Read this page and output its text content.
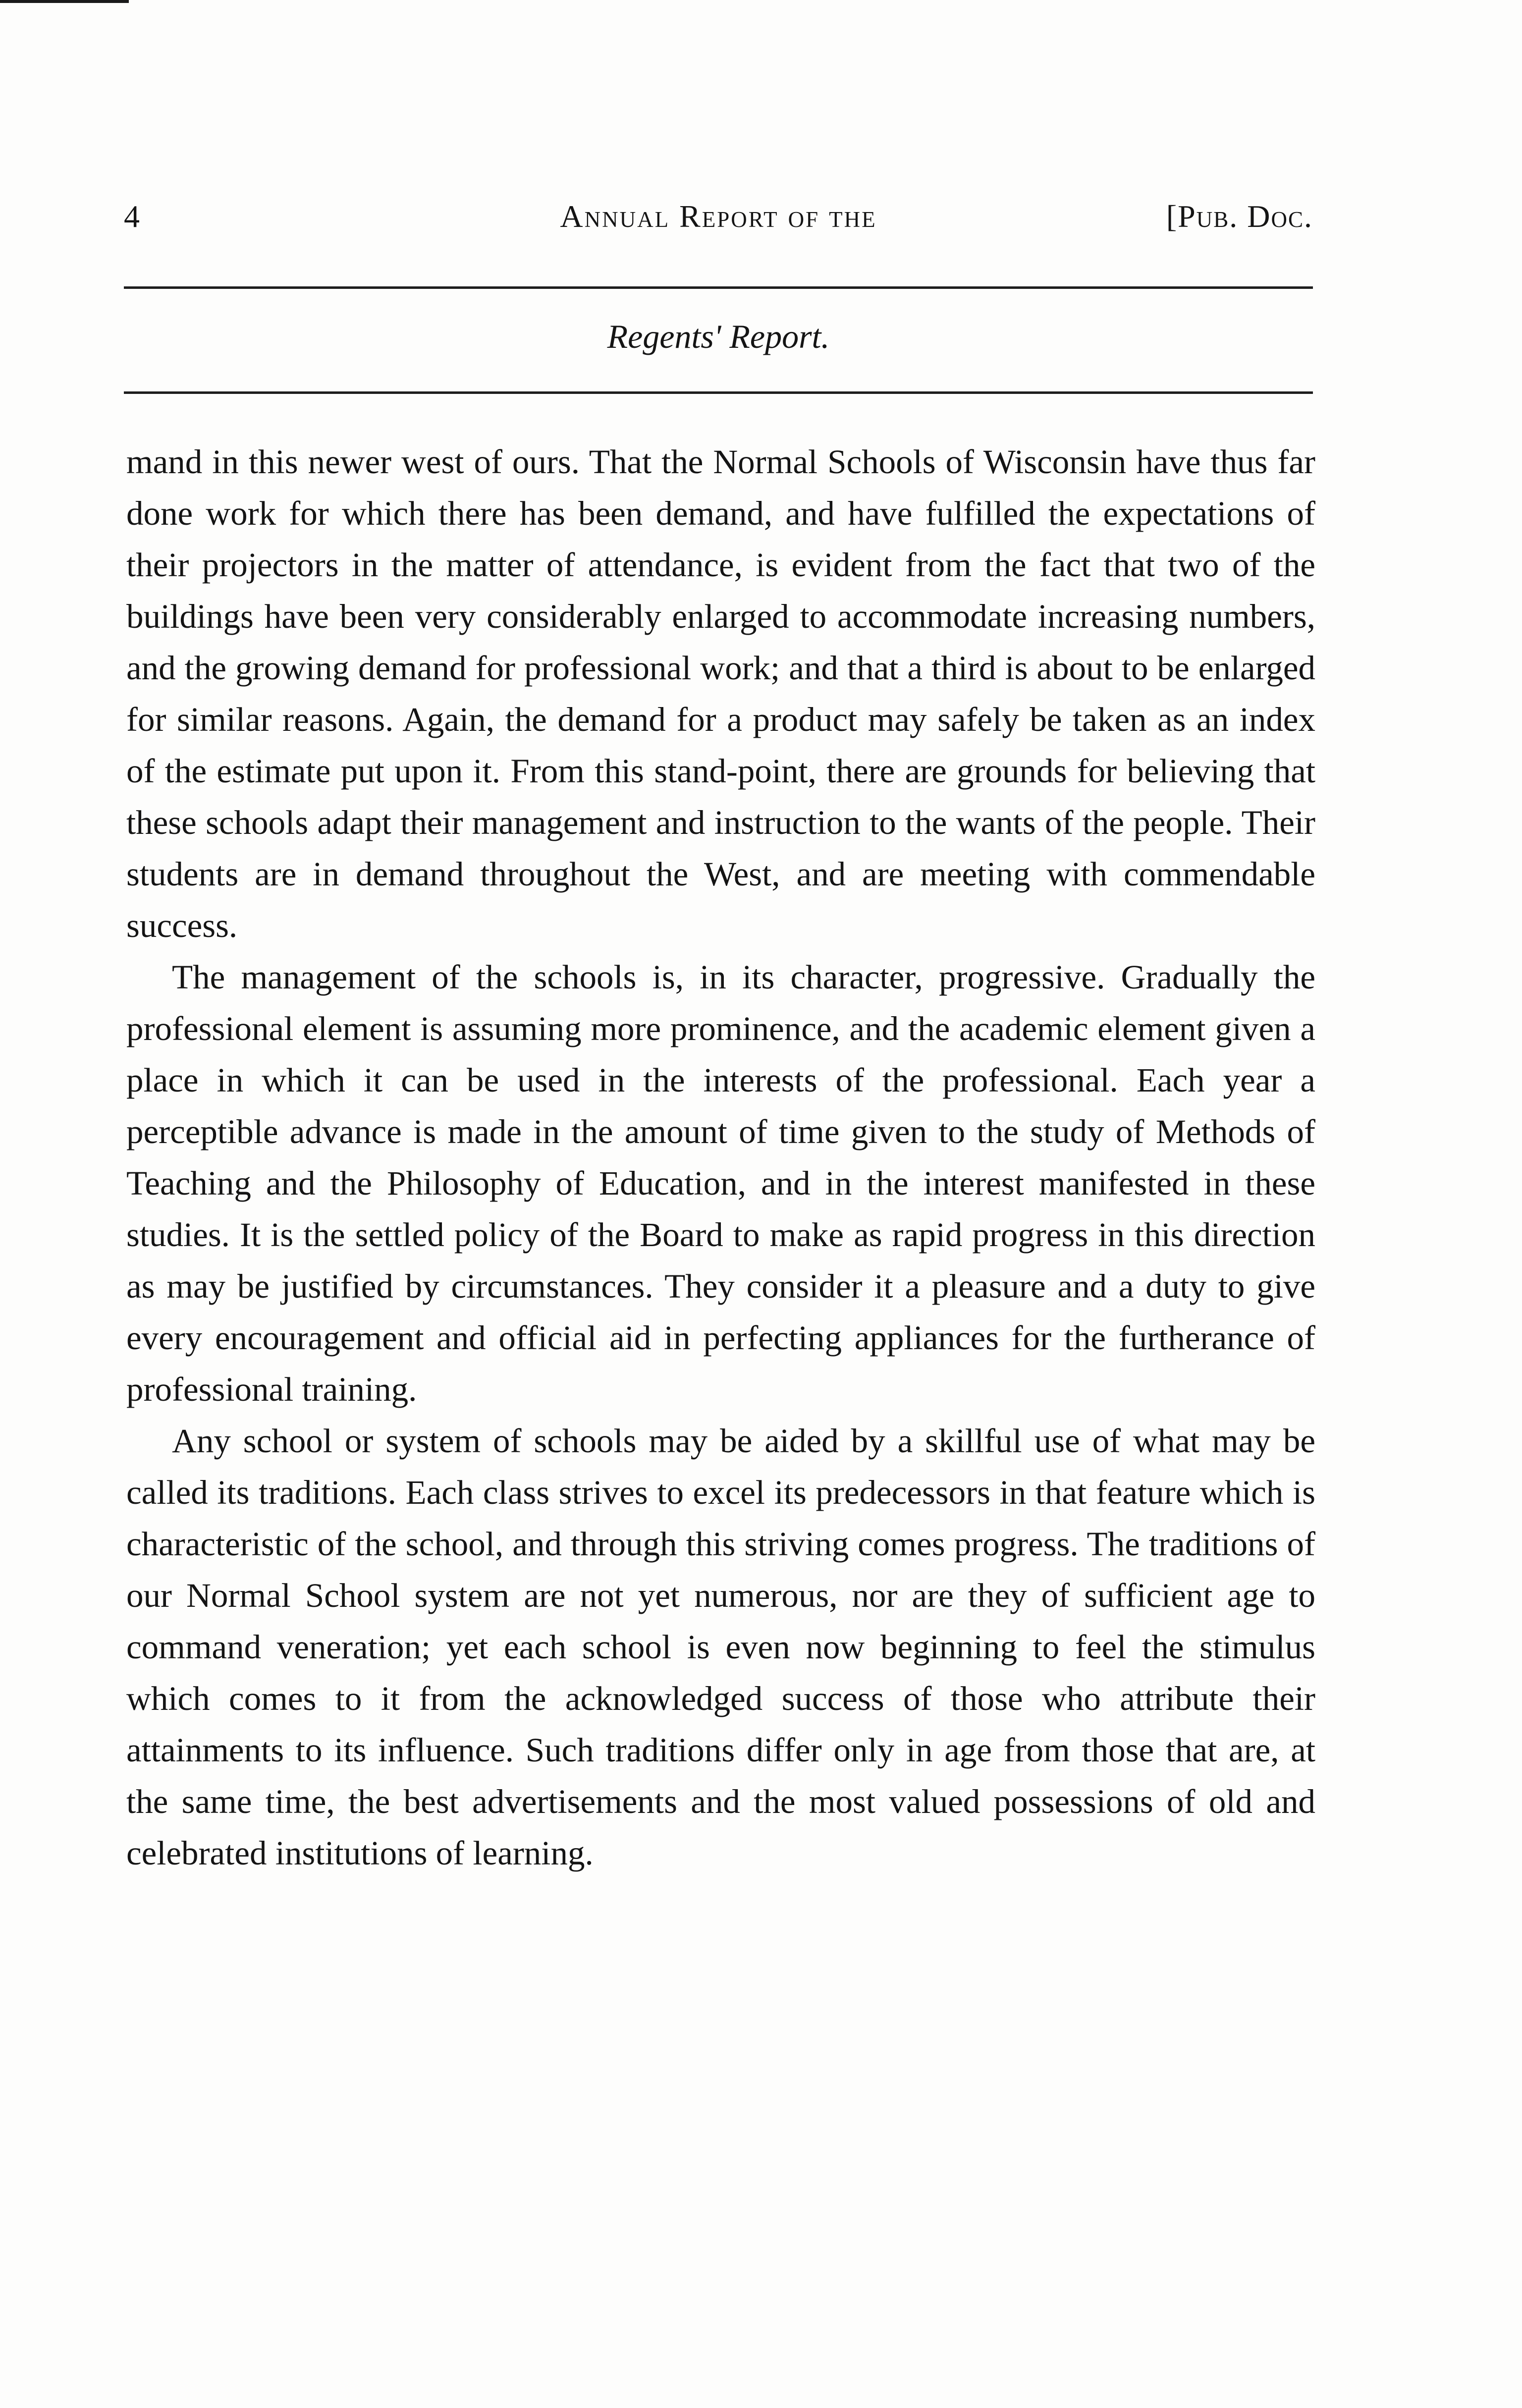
4	Annual Report of the	[Pub. Doc.
Regents' Report.

mand in this newer west of ours. That the Normal Schools of Wisconsin have thus far done work for which there has been demand, and have fulfilled the expectations of their projectors in the matter of attendance, is evident from the fact that two of the buildings have been very considerably enlarged to accommodate increasing numbers, and the growing demand for professional work; and that a third is about to be enlarged for similar reasons. Again, the demand for a product may safely be taken as an index of the estimate put upon it. From this stand-point, there are grounds for believing that these schools adapt their management and instruction to the wants of the people. Their students are in demand throughout the West, and are meeting with commendable success.

The management of the schools is, in its character, progressive. Gradually the professional element is assuming more prominence, and the academic element given a place in which it can be used in the interests of the professional. Each year a perceptible advance is made in the amount of time given to the study of Methods of Teaching and the Philosophy of Education, and in the interest manifested in these studies. It is the settled policy of the Board to make as rapid progress in this direction as may be justified by circumstances. They consider it a pleasure and a duty to give every encouragement and official aid in perfecting appliances for the furtherance of professional training.

Any school or system of schools may be aided by a skillful use of what may be called its traditions. Each class strives to excel its predecessors in that feature which is characteristic of the school, and through this striving comes progress. The traditions of our Normal School system are not yet numerous, nor are they of sufficient age to command veneration; yet each school is even now beginning to feel the stimulus which comes to it from the acknowledged success of those who attribute their attainments to its influence. Such traditions differ only in age from those that are, at the same time, the best advertisements and the most valued possessions of old and celebrated institutions of learning.
